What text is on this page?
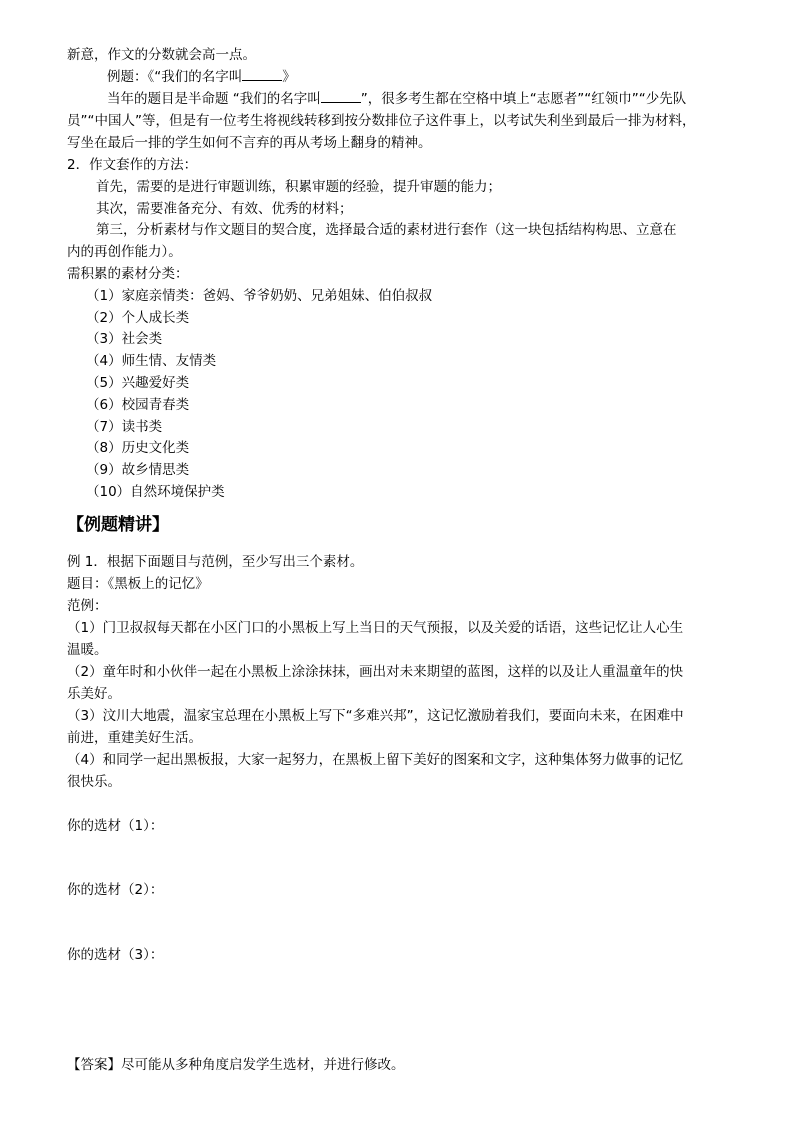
新意，作文的分数就会高一点。
例题：《“我们的名字叫	》
当年的题目是半命题 “我们的名字叫	”，很多考生都在空格中填上“志愿者”“红领巾”“少先队
员”“中国人”等，但是有一位考生将视线转移到按分数排位子这件事上，以考试失利坐到最后一排为材料，
写坐在最后一排的学生如何不言弃的再从考场上翻身的精神。
2．作文套作的方法：
首先，需要的是进行审题训练，积累审题的经验，提升审题的能力；
其次，需要准备充分、有效、优秀的材料；
第三，分析素材与作文题目的契合度，选择最合适的素材进行套作（这一块包括结构构思、立意在
内的再创作能力）。
需积累的素材分类：
（1）家庭亲情类：爸妈、爷爷奶奶、兄弟姐妹、伯伯叔叔
（2）个人成长类
（3）社会类
（4）师生情、友情类
（5）兴趣爱好类
（6）校园青春类
（7）读书类
（8）历史文化类
（9）故乡情思类
（10）自然环境保护类
【例题精讲】
例 1．根据下面题目与范例，至少写出三个素材。
题目：《黑板上的记忆》
范例：
（1）门卫叔叔每天都在小区门口的小黑板上写上当日的天气预报，以及关爱的话语，这些记忆让人心生
温暖。
（2）童年时和小伙伴一起在小黑板上涂涂抹抹，画出对未来期望的蓝图，这样的以及让人重温童年的快
乐美好。
（3）汶川大地震，温家宝总理在小黑板上写下“多难兴邦”，这记忆激励着我们，要面向未来，在困难中
前进，重建美好生活。
（4）和同学一起出黑板报，大家一起努力，在黑板上留下美好的图案和文字，这种集体努力做事的记忆
很快乐。
你的选材（1）：
你的选材（2）：
你的选材（3）：
【答案】尽可能从多种角度启发学生选材，并进行修改。
